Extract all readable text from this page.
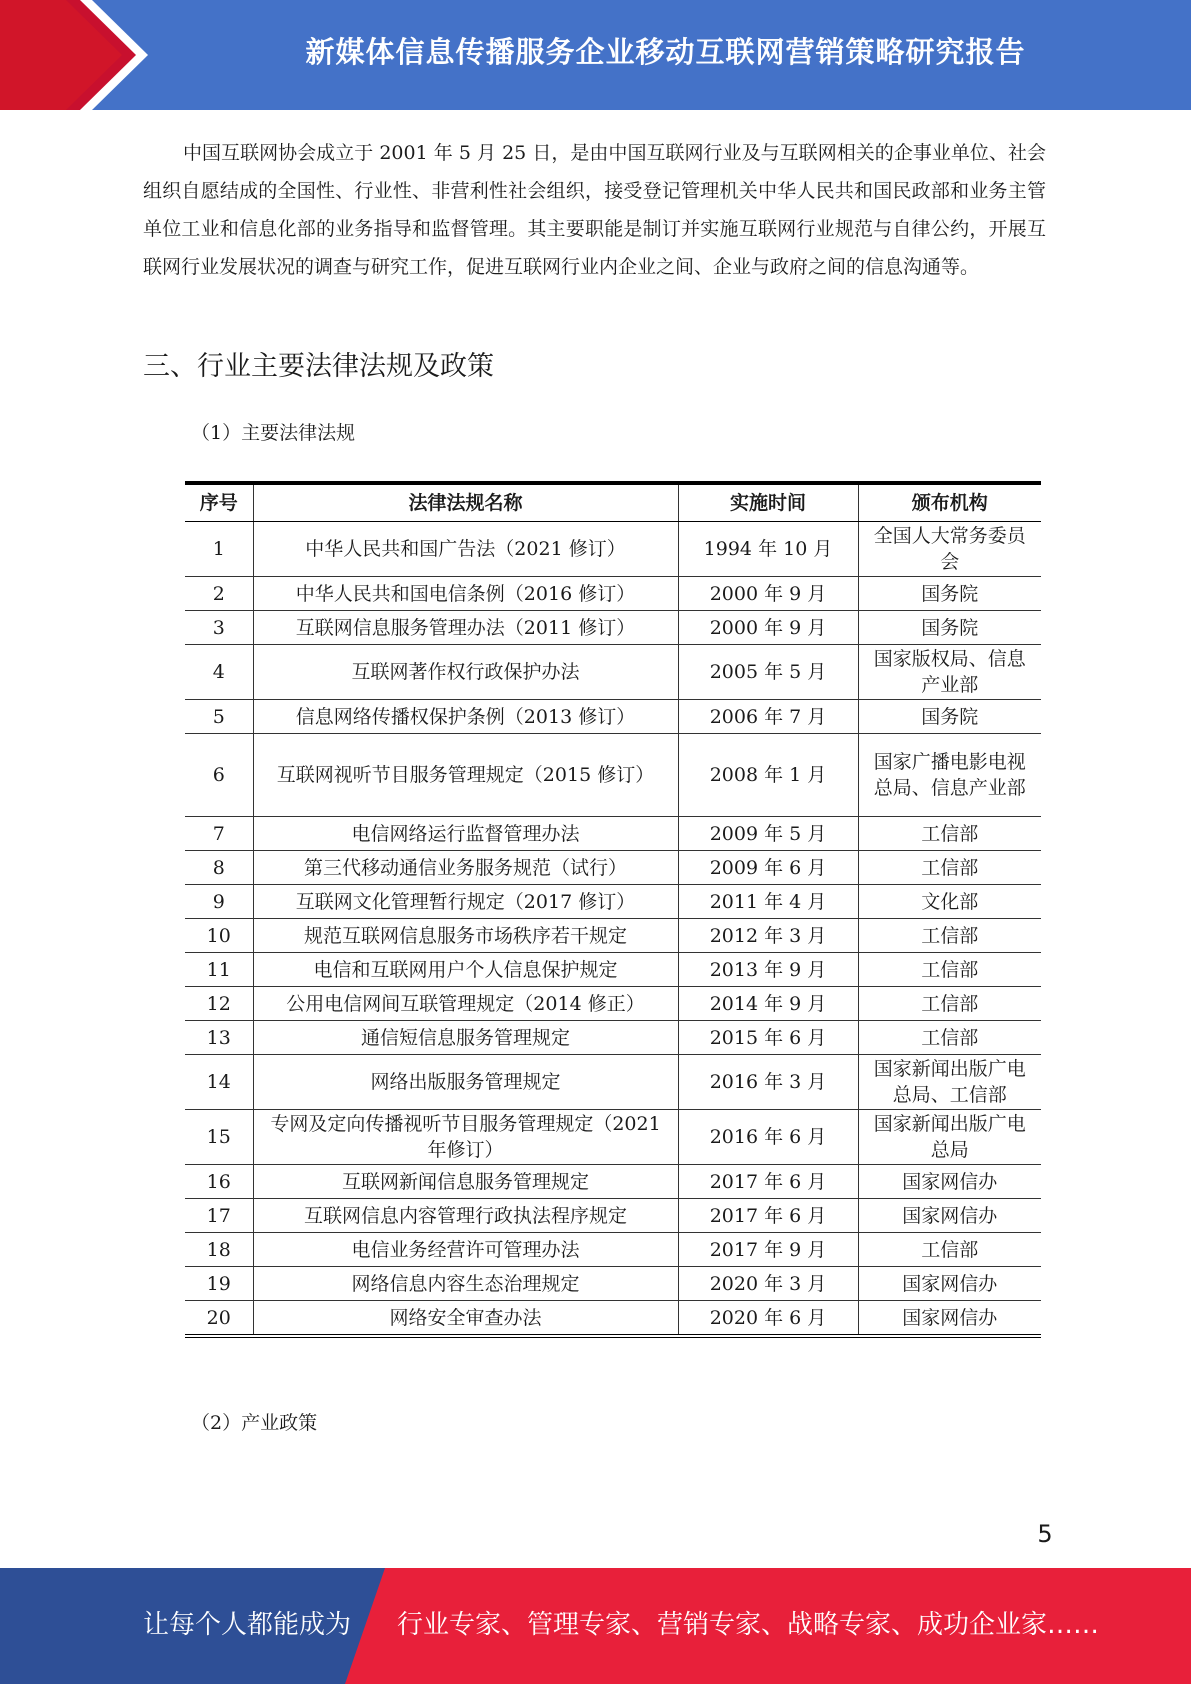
新媒体信息传播服务企业移动互联网营销策略研究报告

中国互联网协会成立于 2001 年 5 月 25 日，是由中国互联网行业及与互联网相关的企事业单位、社会组织自愿结成的全国性、行业性、非营利性社会组织，接受登记管理机关中华人民共和国民政部和业务主管单位工业和信息化部的业务指导和监督管理。其主要职能是制订并实施互联网行业规范与自律公约，开展互联网行业发展状况的调查与研究工作，促进互联网行业内企业之间、企业与政府之间的信息沟通等。

三、行业主要法律法规及政策

（1）主要法律法规

序号	法律法规名称	实施时间	颁布机构
1	中华人民共和国广告法（2021 修订）	1994 年 10 月	全国人大常务委员会
2	中华人民共和国电信条例（2016 修订）	2000 年 9 月	国务院
3	互联网信息服务管理办法（2011 修订）	2000 年 9 月	国务院
4	互联网著作权行政保护办法	2005 年 5 月	国家版权局、信息产业部
5	信息网络传播权保护条例（2013 修订）	2006 年 7 月	国务院
6	互联网视听节目服务管理规定（2015 修订）	2008 年 1 月	国家广播电影电视总局、信息产业部
7	电信网络运行监督管理办法	2009 年 5 月	工信部
8	第三代移动通信业务服务规范（试行）	2009 年 6 月	工信部
9	互联网文化管理暂行规定（2017 修订）	2011 年 4 月	文化部
10	规范互联网信息服务市场秩序若干规定	2012 年 3 月	工信部
11	电信和互联网用户个人信息保护规定	2013 年 9 月	工信部
12	公用电信网间互联管理规定（2014 修正）	2014 年 9 月	工信部
13	通信短信息服务管理规定	2015 年 6 月	工信部
14	网络出版服务管理规定	2016 年 3 月	国家新闻出版广电总局、工信部
15	专网及定向传播视听节目服务管理规定（2021 年修订）	2016 年 6 月	国家新闻出版广电总局
16	互联网新闻信息服务管理规定	2017 年 6 月	国家网信办
17	互联网信息内容管理行政执法程序规定	2017 年 6 月	国家网信办
18	电信业务经营许可管理办法	2017 年 9 月	工信部
19	网络信息内容生态治理规定	2020 年 3 月	国家网信办
20	网络安全审查办法	2020 年 6 月	国家网信办

（2）产业政策

5
让每个人都能成为 行业专家、管理专家、营销专家、战略专家、成功企业家……
